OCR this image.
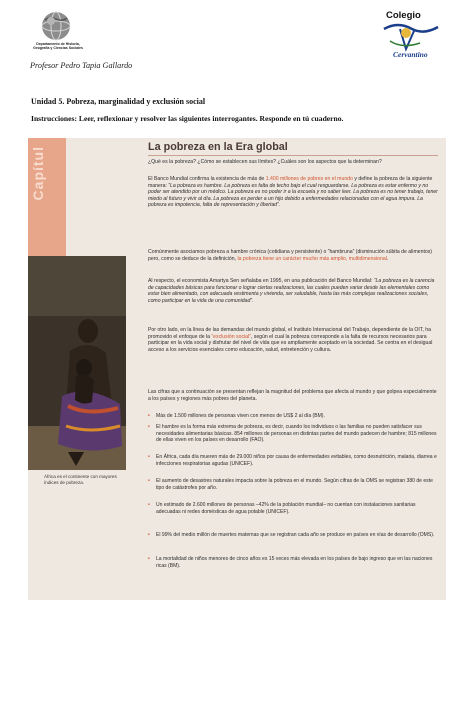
Departamento de Historia, Geografía y Ciencias Sociales
Profesor Pedro Tapia Gallardo
Colegio
Cervantino
Unidad 5. Pobreza, marginalidad y exclusión social
Instrucciones: Leer, reflexionar y resolver las siguientes interrogantes. Responde en tú cuaderno.
Capítul
África es el continente con mayores índices de pobreza.
La pobreza en la Era global
¿Qué es la pobreza? ¿Cómo se establecen sus límites? ¿Cuáles son los aspectos que la determinan?
El Banco Mundial confirma la existencia de más de 1.400 millones de pobres en el mundo y define la pobreza de la siguiente manera: “La pobreza es hambre. La pobreza es falta de techo bajo el cual resguardarse. La pobreza es estar enfermo y no poder ser atendido por un médico. La pobreza es no poder ir a la escuela y no saber leer. La pobreza es no tener trabajo, tener miedo al futuro y vivir al día. La pobreza es perder a un hijo debido a enfermedades relacionadas con el agua impura. La pobreza es impotencia, falta de representación y libertad”.
Comúnmente asociamos pobreza a hambre crónica (cotidiana y persistente) o “hambruna” (disminución súbita de alimentos) pero, como se deduce de la definición, la pobreza tiene un carácter mucho más amplio, multidimensional.
Al respecto, el economista Amartya Sen señalaba en 1995, en una publicación del Banco Mundial: “La pobreza es la carencia de capacidades básicas para funcionar o lograr ciertas realizaciones, las cuales pueden variar desde las elementales como estar bien alimentado, con adecuada vestimenta y vivienda, ser saludable, hasta las más complejas realizaciones sociales, como participar en la vida de una comunidad”.
Por otro lado, en la línea de las demandas del mundo global, el Instituto Internacional del Trabajo, dependiente de la OIT, ha promovido el enfoque de la “exclusión social”, según el cual la pobreza corresponde a la falta de recursos necesarios para participar en la vida social y disfrutar del nivel de vida que es ampliamente aceptado en la sociedad. Se centra en el desigual acceso a los servicios esenciales como educación, salud, entretención y cultura.
Las cifras que a continuación se presentan reflejan la magnitud del problema que afecta al mundo y que golpea especialmente a los países y regiones más pobres del planeta.
• Más de 1.500 millones de personas viven con menos de US$ 2 al día (BM).
• El hambre es la forma más extrema de pobreza, es decir, cuando los individuos o las familias no pueden satisfacer sus necesidades alimentarias básicas. 854 millones de personas en distintas partes del mundo padecen de hambre; 815 millones de ellas viven en los países en desarrollo (FAO).
• En África, cada día mueren más de 29.000 niños por causa de enfermedades evitables, como desnutrición, malaria, diarrea e infecciones respiratorias agudas (UNICEF).
• El aumento de desastres naturales impacta sobre la pobreza en el mundo. Según cifras de la OMS se registran 380 de este tipo de catástrofes por año.
• Un estimado de 2.600 millones de personas –42% de la población mundial– no cuentan con instalaciones sanitarias adecuadas ni redes domésticas de agua potable (UNICEF).
• El 99% del medio millón de muertes maternas que se registran cada año se produce en países en vías de desarrollo (OMS).
• La mortalidad de niños menores de cinco años es 15 veces más elevada en los países de bajo ingreso que en las naciones ricas (BM).
